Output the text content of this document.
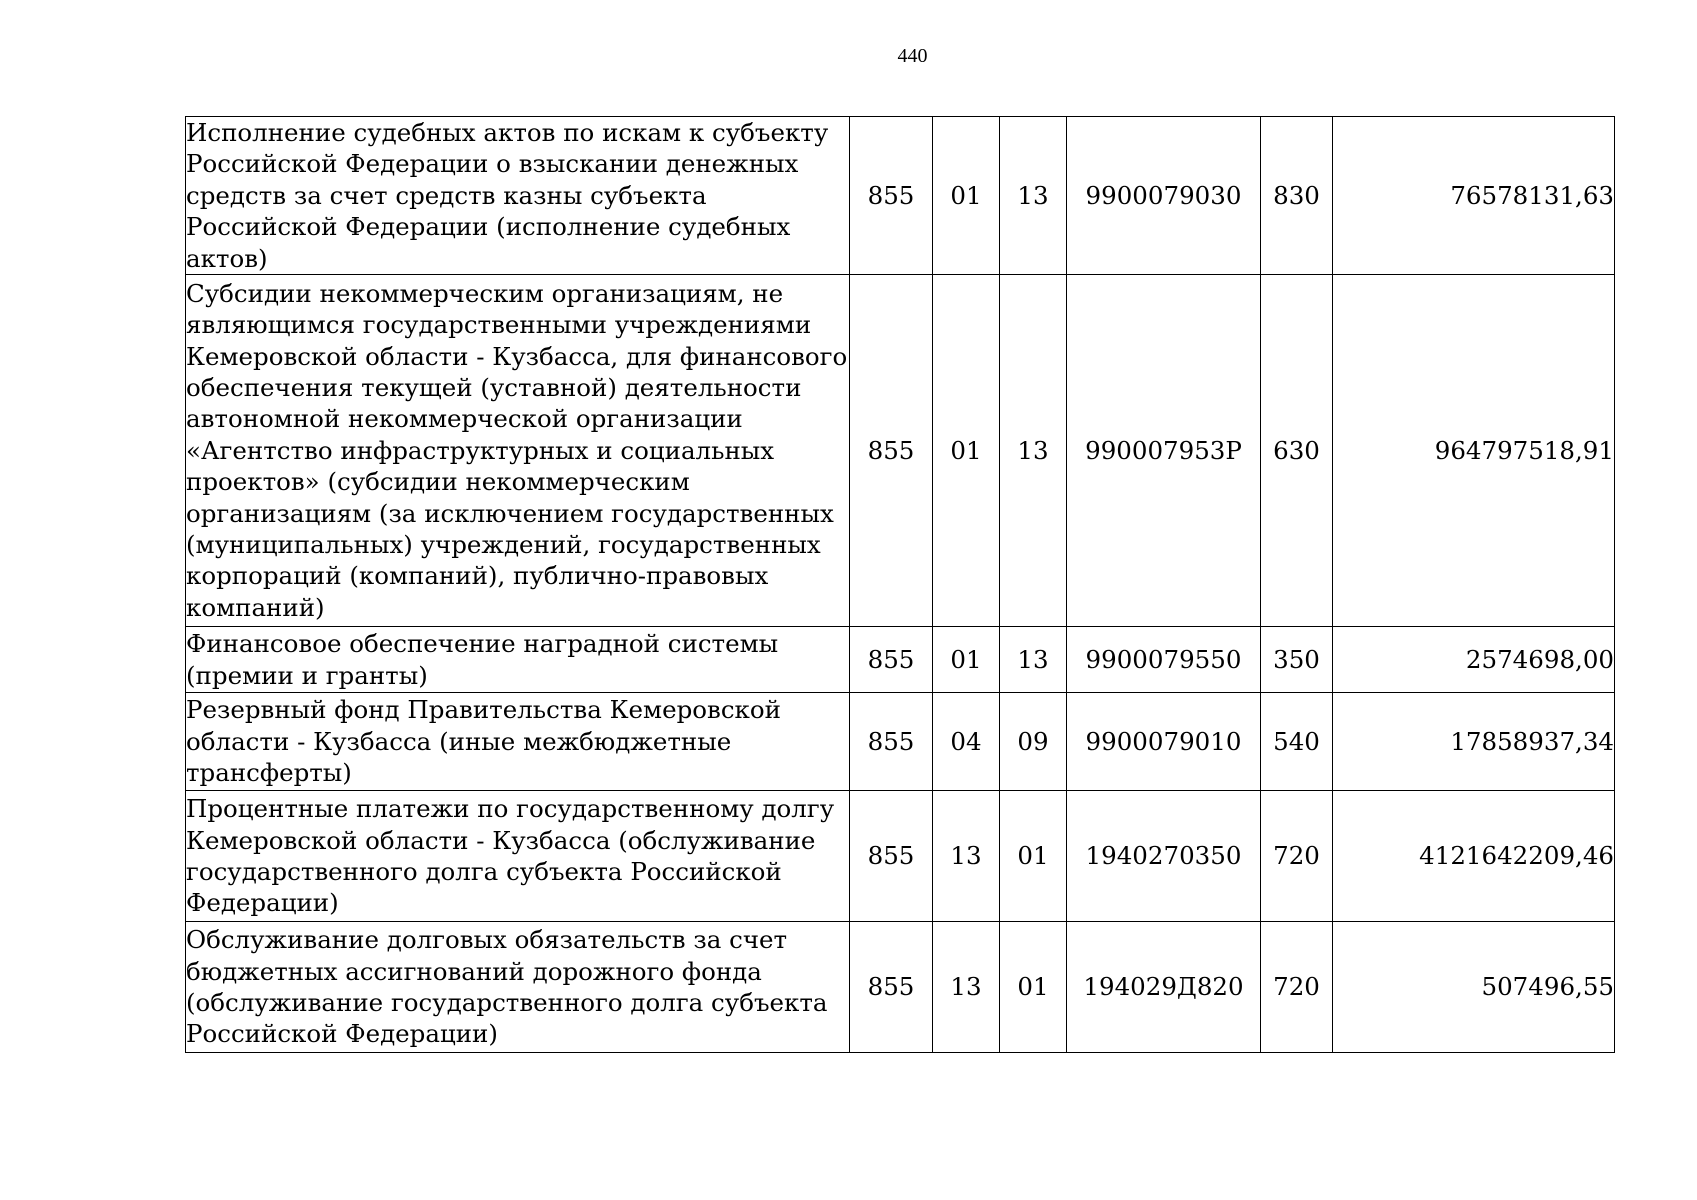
440
Исполнение судебных актов по искам к субъекту Российской Федерации о взыскании денежных средств за счет средств казны субъекта Российской Федерации (исполнение судебных актов)	855	01	13	9900079030	830	76578131,63

Субсидии некоммерческим организациям, не являющимся государственными учреждениями Кемеровской области - Кузбасса, для финансового обеспечения текущей (уставной) деятельности автономной некоммерческой организации «Агентство инфраструктурных и социальных проектов» (субсидии некоммерческим организациям (за исключением государственных (муниципальных) учреждений, государственных корпораций (компаний), публично-правовых компаний)	855	01	13	990007953Р	630	964797518,91

Финансовое обеспечение наградной системы (премии и гранты)	855	01	13	9900079550	350	2574698,00

Резервный фонд Правительства Кемеровской области - Кузбасса (иные межбюджетные трансферты)	855	04	09	9900079010	540	17858937,34

Процентные платежи по государственному долгу Кемеровской области - Кузбасса (обслуживание государственного долга субъекта Российской Федерации)	855	13	01	1940270350	720	4121642209,46

Обслуживание долговых обязательств за счет бюджетных ассигнований дорожного фонда (обслуживание государственного долга субъекта Российской Федерации)	855	13	01	194029Д820	720	507496,55
